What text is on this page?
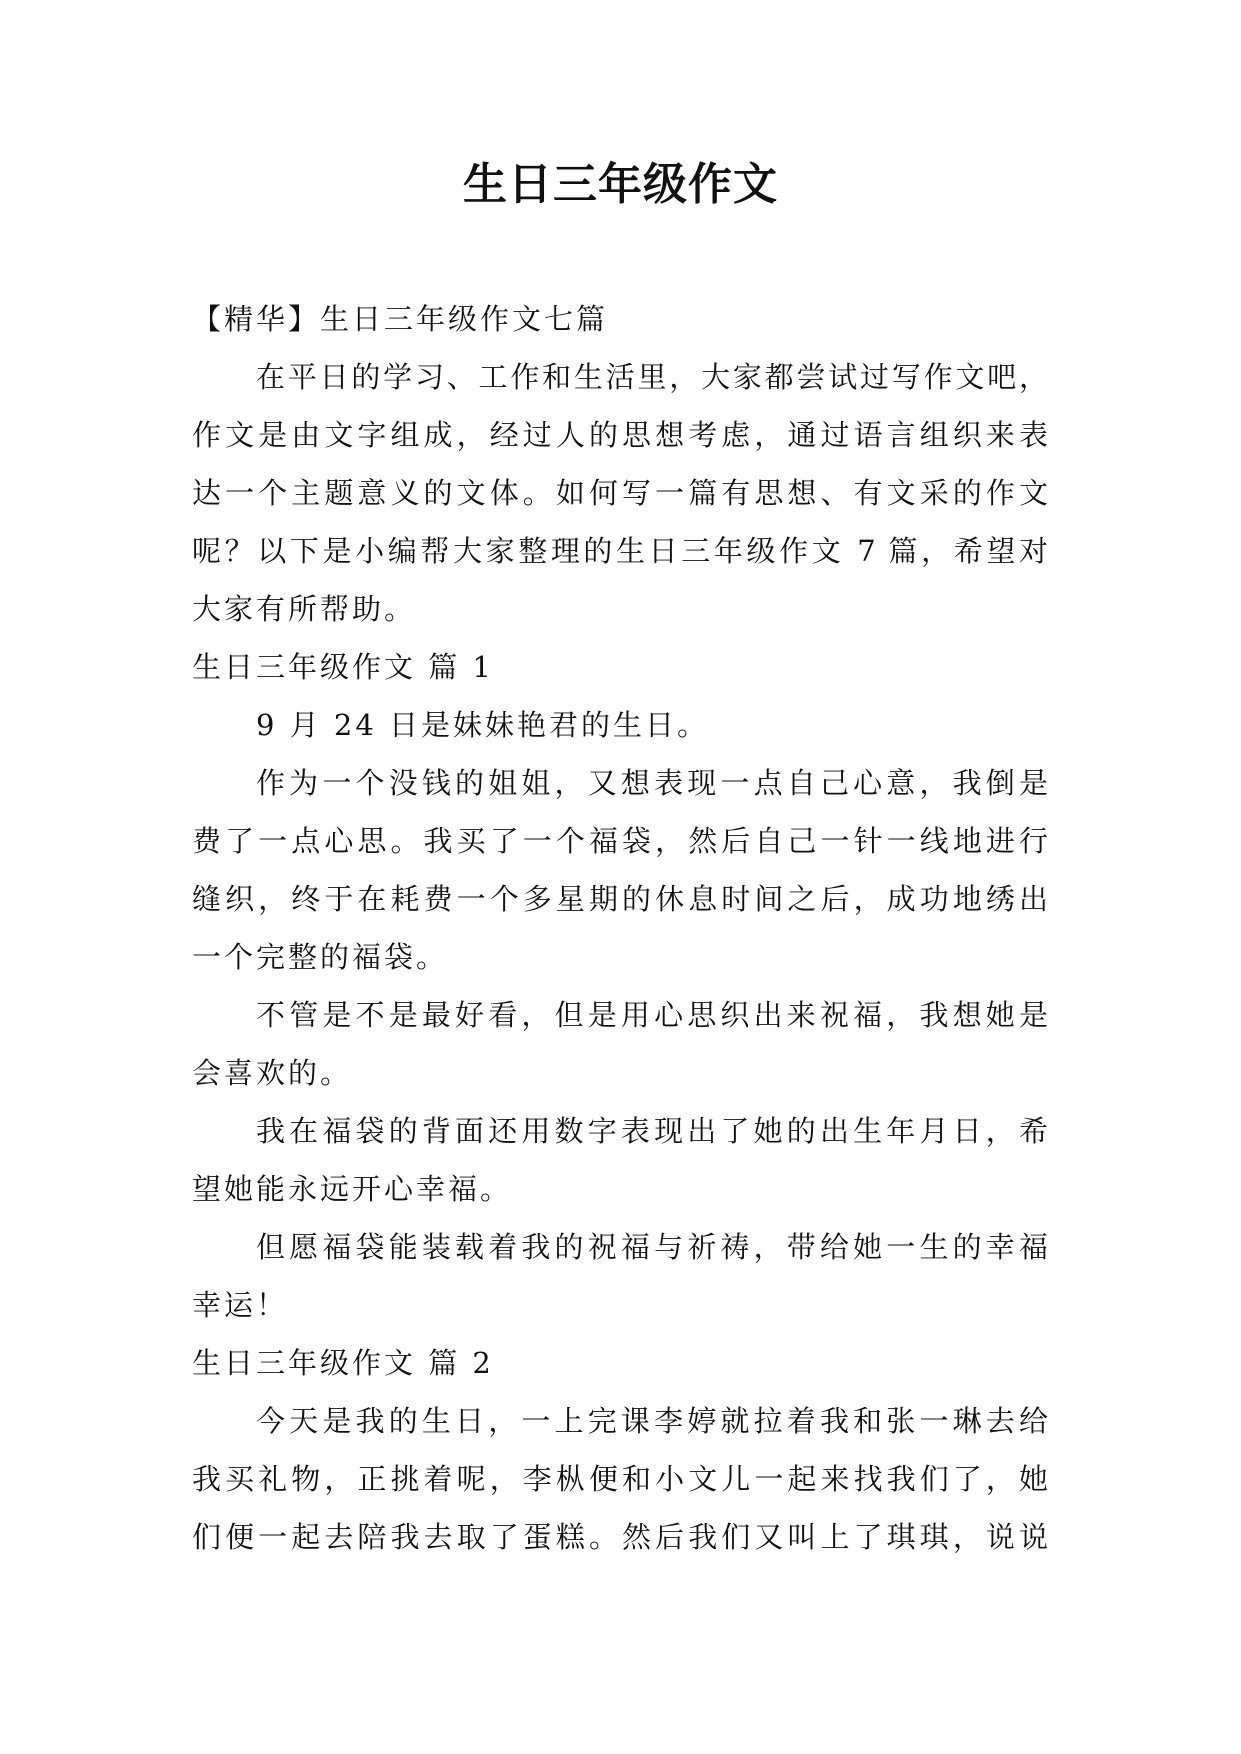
生日三年级作文

【精华】生日三年级作文七篇

在平日的学习、工作和生活里，大家都尝试过写作文吧，

作文是由文字组成，经过人的思想考虑，通过语言组织来表

达一个主题意义的文体。如何写一篇有思想、有文采的作文

呢？以下是小编帮大家整理的生日三年级作文 7 篇，希望对

大家有所帮助。

生日三年级作文 篇 1

9 月 24 日是妹妹艳君的生日。

作为一个没钱的姐姐，又想表现一点自己心意，我倒是

费了一点心思。我买了一个福袋，然后自己一针一线地进行

缝织，终于在耗费一个多星期的休息时间之后，成功地绣出

一个完整的福袋。

不管是不是最好看，但是用心思织出来祝福，我想她是

会喜欢的。

我在福袋的背面还用数字表现出了她的出生年月日，希

望她能永远开心幸福。

但愿福袋能装载着我的祝福与祈祷，带给她一生的幸福

幸运！

生日三年级作文 篇 2

今天是我的生日，一上完课李婷就拉着我和张一琳去给

我买礼物，正挑着呢，李枞便和小文儿一起来找我们了，她

们便一起去陪我去取了蛋糕。然后我们又叫上了琪琪，说说
